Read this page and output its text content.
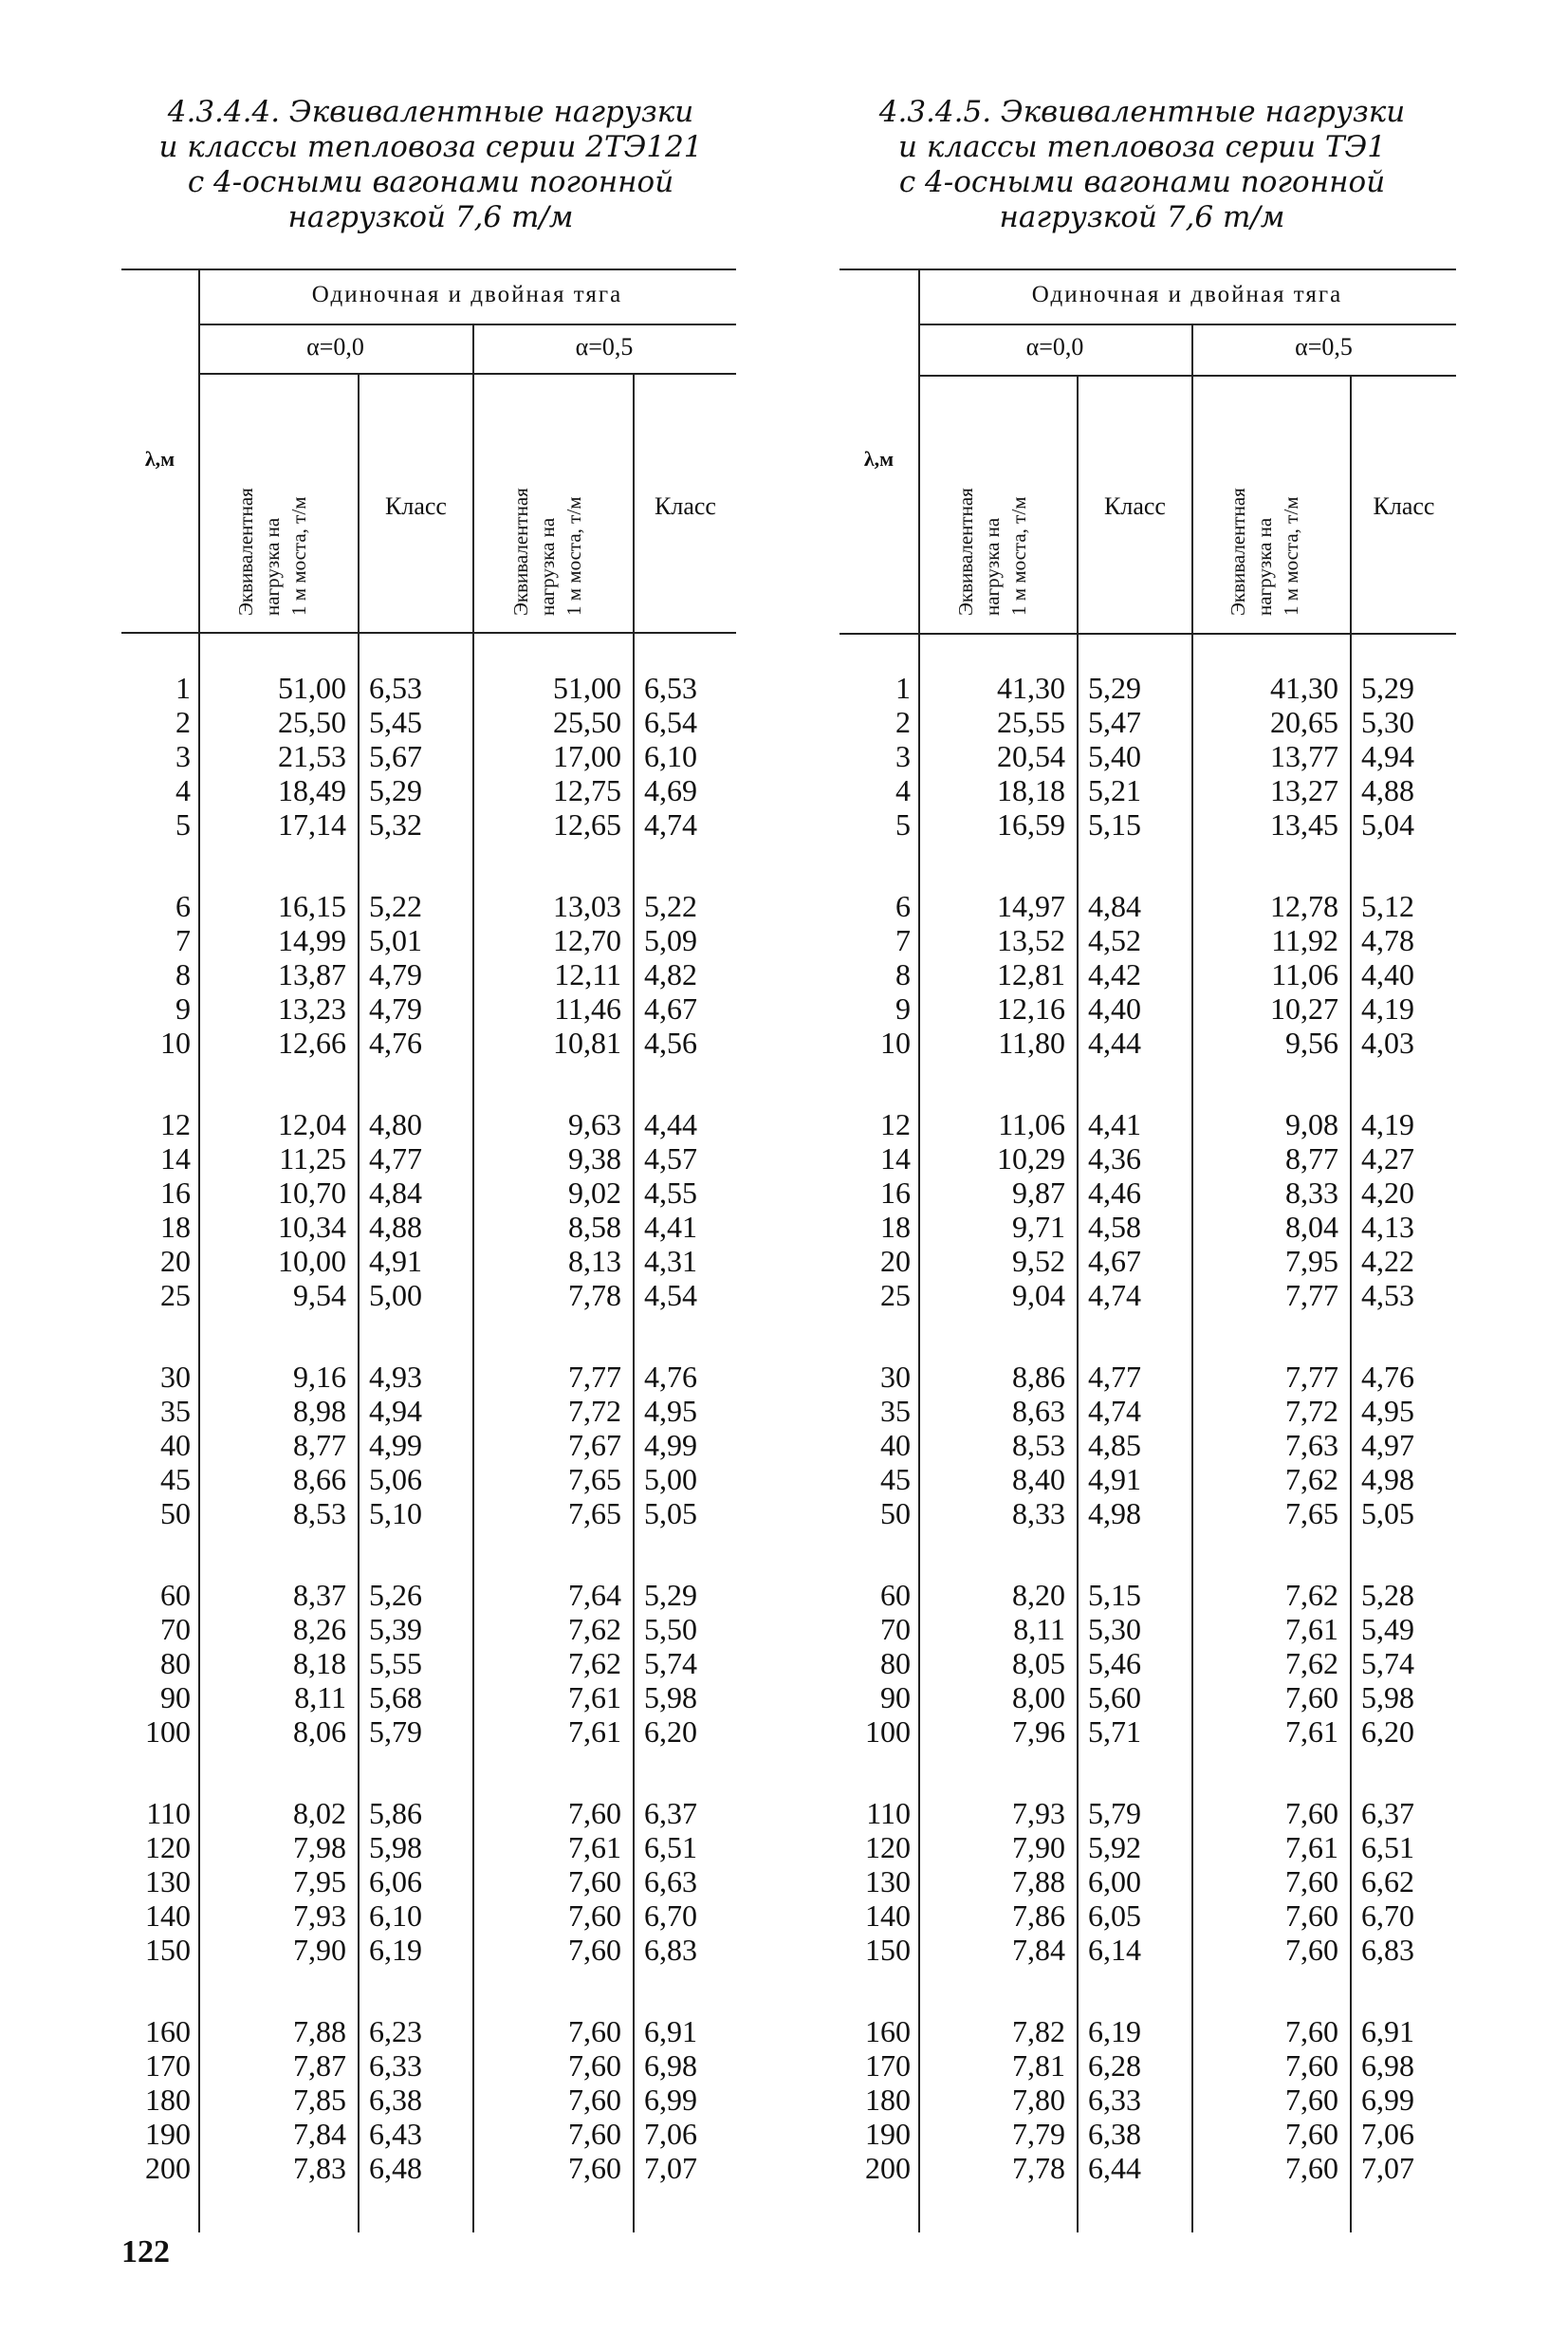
4.3.4.4. Эквивалентные нагрузки
и классы тепловоза серии 2ТЭ121
с 4-осными вагонами погонной
нагрузкой 7,6 т/м
4.3.4.5. Эквивалентные нагрузки
и классы тепловоза серии ТЭ1
с 4-осными вагонами погонной
нагрузкой 7,6 т/м
Одиночная и двойная тяга
α=0,0	α=0,5
λ,м
Эквивалентная нагрузка на 1 м моста, т/м	Класс	Эквивалентная нагрузка на 1 м моста, т/м	Класс
1	51,00 6,53	51,00 6,53
2	25,50 5,45	25,50 6,54
3	21,53 5,67	17,00 6,10
4	18,49 5,29	12,75 4,69
5	17,14 5,32	12,65 4,74
6	16,15 5,22	13,03 5,22
7	14,99 5,01	12,70 5,09
8	13,87 4,79	12,11 4,82
9	13,23 4,79	11,46 4,67
10	12,66 4,76	10,81 4,56
12	12,04 4,80	9,63 4,44
14	11,25 4,77	9,38 4,57
16	10,70 4,84	9,02 4,55
18	10,34 4,88	8,58 4,41
20	10,00 4,91	8,13 4,31
25	9,54 5,00	7,78 4,54
30	9,16 4,93	7,77 4,76
35	8,98 4,94	7,72 4,95
40	8,77 4,99	7,67 4,99
45	8,66 5,06	7,65 5,00
50	8,53 5,10	7,65 5,05
60	8,37 5,26	7,64 5,29
70	8,26 5,39	7,62 5,50
80	8,18 5,55	7,62 5,74
90	8,11 5,68	7,61 5,98
100	8,06 5,79	7,61 6,20
110	8,02 5,86	7,60 6,37
120	7,98 5,98	7,61 6,51
130	7,95 6,06	7,60 6,63
140	7,93 6,10	7,60 6,70
150	7,90 6,19	7,60 6,83
160	7,88 6,23	7,60 6,91
170	7,87 6,33	7,60 6,98
180	7,85 6,38	7,60 6,99
190	7,84 6,43	7,60 7,06
200	7,83 6,48	7,60 7,07
Одиночная и двойная тяга
α=0,0	α=0,5
λ,м
Эквивалентная нагрузка на 1 м моста, т/м	Класс	Эквивалентная нагрузка на 1 м моста, т/м	Класс
1	41,30 5,29	41,30 5,29
2	25,55 5,47	20,65 5,30
3	20,54 5,40	13,77 4,94
4	18,18 5,21	13,27 4,88
5	16,59 5,15	13,45 5,04
6	14,97 4,84	12,78 5,12
7	13,52 4,52	11,92 4,78
8	12,81 4,42	11,06 4,40
9	12,16 4,40	10,27 4,19
10	11,80 4,44	9,56 4,03
12	11,06 4,41	9,08 4,19
14	10,29 4,36	8,77 4,27
16	9,87 4,46	8,33 4,20
18	9,71 4,58	8,04 4,13
20	9,52 4,67	7,95 4,22
25	9,04 4,74	7,77 4,53
30	8,86 4,77	7,77 4,76
35	8,63 4,74	7,72 4,95
40	8,53 4,85	7,63 4,97
45	8,40 4,91	7,62 4,98
50	8,33 4,98	7,65 5,05
60	8,20 5,15	7,62 5,28
70	8,11 5,30	7,61 5,49
80	8,05 5,46	7,62 5,74
90	8,00 5,60	7,60 5,98
100	7,96 5,71	7,61 6,20
110	7,93 5,79	7,60 6,37
120	7,90 5,92	7,61 6,51
130	7,88 6,00	7,60 6,62
140	7,86 6,05	7,60 6,70
150	7,84 6,14	7,60 6,83
160	7,82 6,19	7,60 6,91
170	7,81 6,28	7,60 6,98
180	7,80 6,33	7,60 6,99
190	7,79 6,38	7,60 7,06
200	7,78 6,44	7,60 7,07
122
